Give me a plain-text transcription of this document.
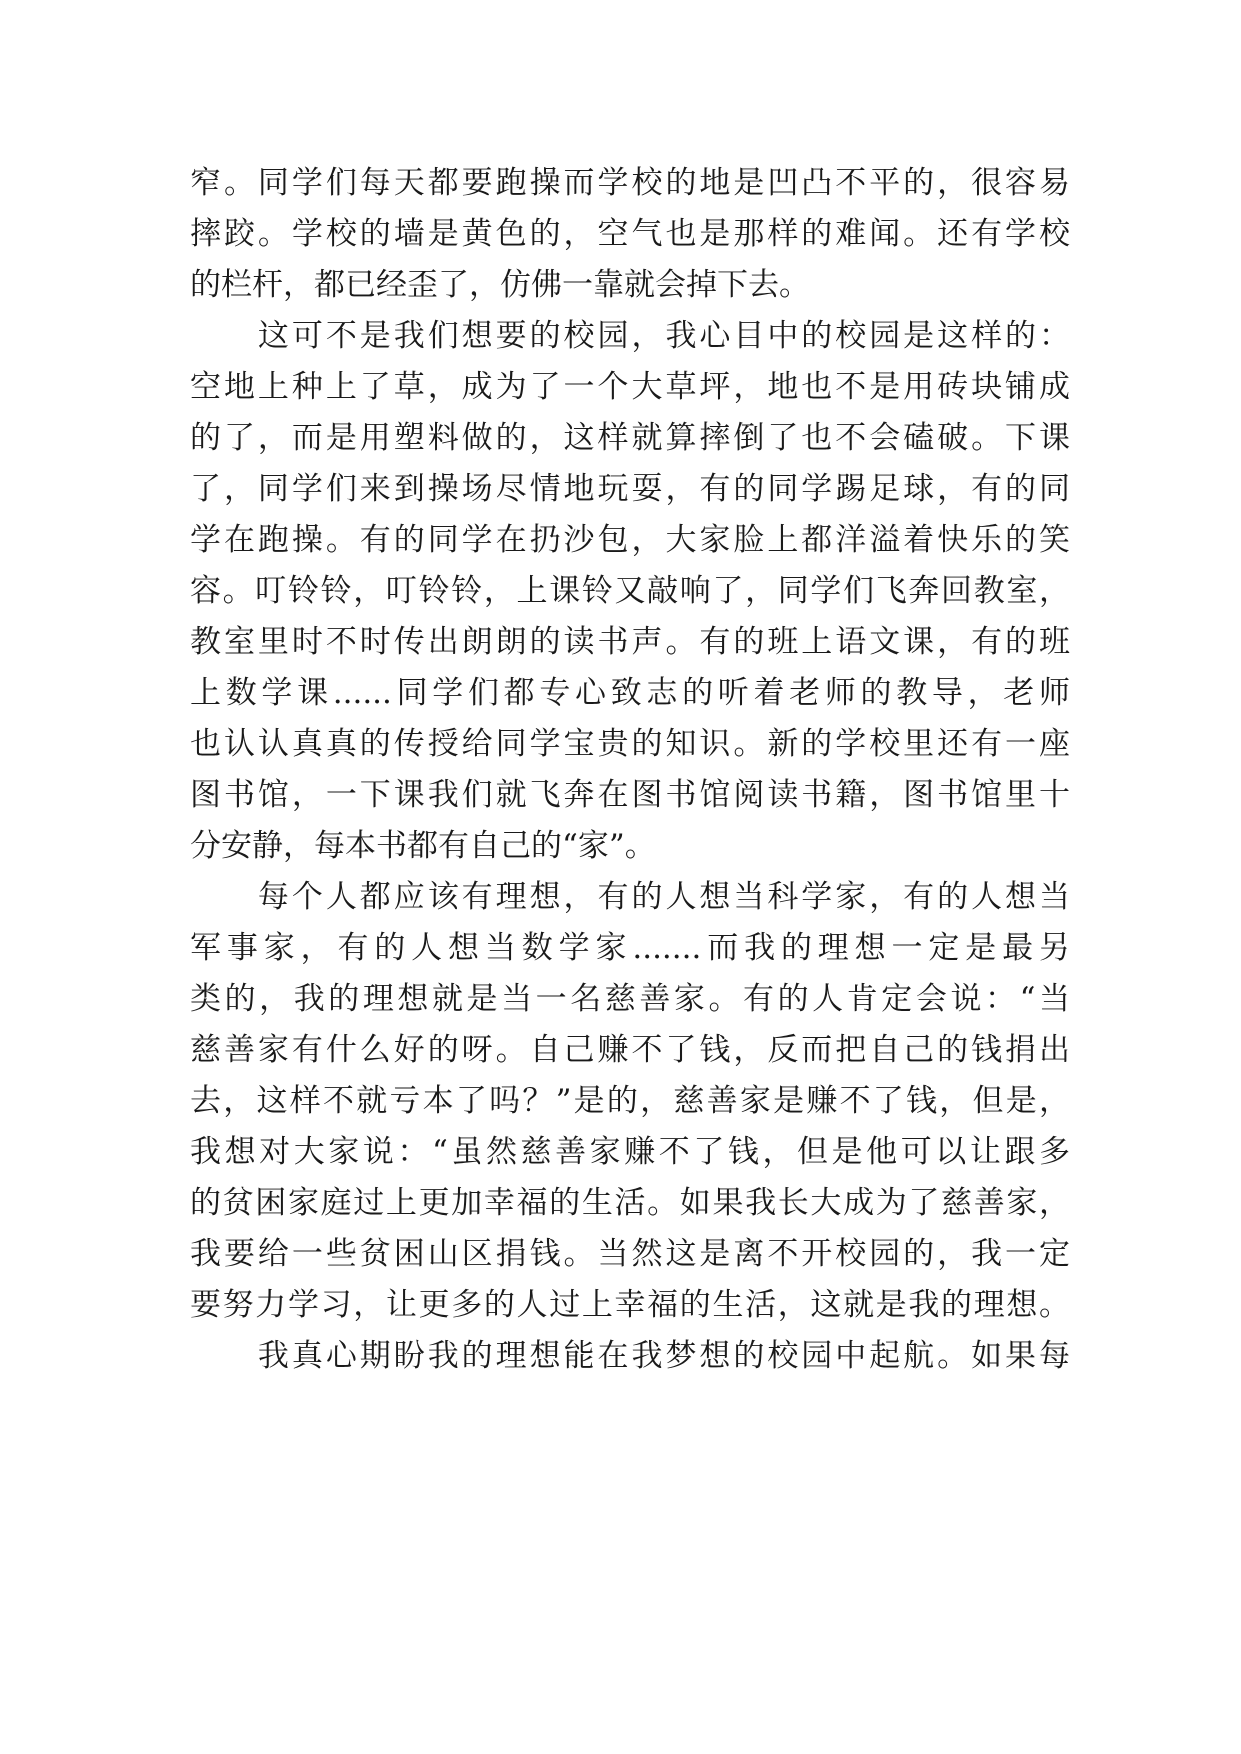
窄。同学们每天都要跑操而学校的地是凹凸不平的，很容易
摔跤。学校的墙是黄色的，空气也是那样的难闻。还有学校
的栏杆，都已经歪了，仿佛一靠就会掉下去。
　　这可不是我们想要的校园，我心目中的校园是这样的：
空地上种上了草，成为了一个大草坪，地也不是用砖块铺成
的了，而是用塑料做的，这样就算摔倒了也不会磕破。下课
了，同学们来到操场尽情地玩耍，有的同学踢足球，有的同
学在跑操。有的同学在扔沙包，大家脸上都洋溢着快乐的笑
容。叮铃铃，叮铃铃，上课铃又敲响了，同学们飞奔回教室，
教室里时不时传出朗朗的读书声。有的班上语文课，有的班
上数学课......同学们都专心致志的听着老师的教导，老师
也认认真真的传授给同学宝贵的知识。新的学校里还有一座
图书馆，一下课我们就飞奔在图书馆阅读书籍，图书馆里十
分安静，每本书都有自己的“家”。
　　每个人都应该有理想，有的人想当科学家，有的人想当
军事家，有的人想当数学家.......而我的理想一定是最另
类的，我的理想就是当一名慈善家。有的人肯定会说：“当
慈善家有什么好的呀。自己赚不了钱，反而把自己的钱捐出
去，这样不就亏本了吗？”是的，慈善家是赚不了钱，但是，
我想对大家说：“虽然慈善家赚不了钱，但是他可以让跟多
的贫困家庭过上更加幸福的生活。如果我长大成为了慈善家，
我要给一些贫困山区捐钱。当然这是离不开校园的，我一定
要努力学习，让更多的人过上幸福的生活，这就是我的理想。
　　我真心期盼我的理想能在我梦想的校园中起航。如果每
